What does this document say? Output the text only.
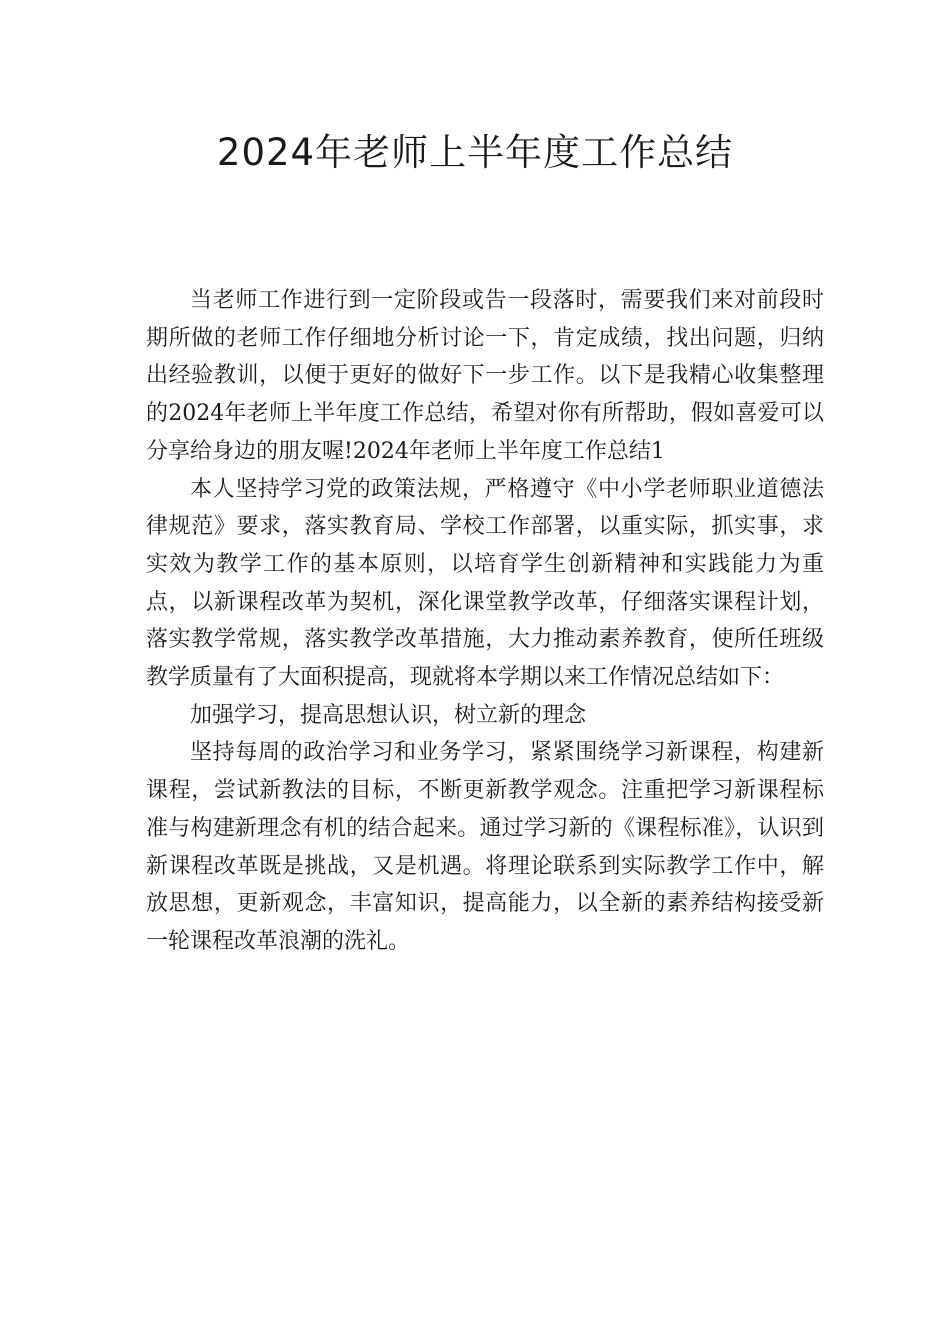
2024年老师上半年度工作总结

当老师工作进行到一定阶段或告一段落时，需要我们来对前段时期所做的老师工作仔细地分析讨论一下，肯定成绩，找出问题，归纳出经验教训，以便于更好的做好下一步工作。以下是我精心收集整理的2024年老师上半年度工作总结，希望对你有所帮助，假如喜爱可以分享给身边的朋友喔!2024年老师上半年度工作总结1

本人坚持学习党的政策法规，严格遵守《中小学老师职业道德法律规范》要求，落实教育局、学校工作部署，以重实际，抓实事，求实效为教学工作的基本原则，以培育学生创新精神和实践能力为重点，以新课程改革为契机，深化课堂教学改革，仔细落实课程计划，落实教学常规，落实教学改革措施，大力推动素养教育，使所任班级教学质量有了大面积提高，现就将本学期以来工作情况总结如下：

加强学习，提高思想认识，树立新的理念

坚持每周的政治学习和业务学习，紧紧围绕学习新课程，构建新课程，尝试新教法的目标，不断更新教学观念。注重把学习新课程标准与构建新理念有机的结合起来。通过学习新的《课程标准》，认识到新课程改革既是挑战，又是机遇。将理论联系到实际教学工作中，解放思想，更新观念，丰富知识，提高能力，以全新的素养结构接受新一轮课程改革浪潮的洗礼。
